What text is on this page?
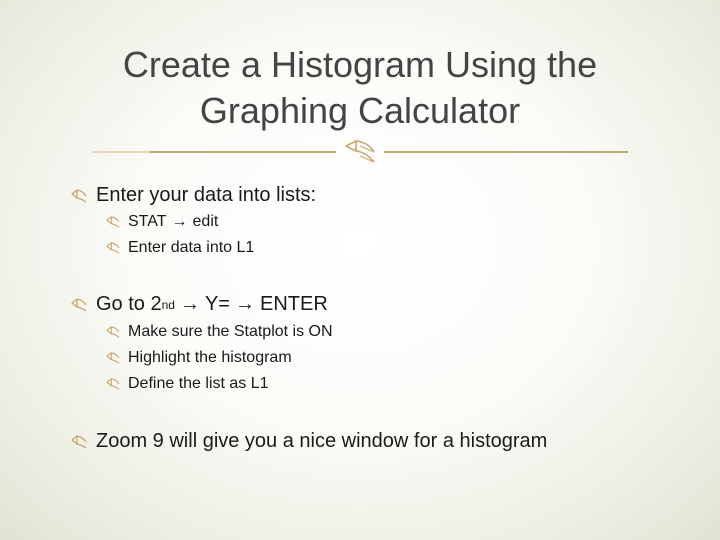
Create a Histogram Using the
Graphing Calculator
Enter your data into lists:
STAT → edit
Enter data into L1
Go to 2 nd → Y= → ENTER
Make sure the Statplot is ON
Highlight the histogram
Define the list as L1
Zoom 9 will give you a nice window for a histogram
